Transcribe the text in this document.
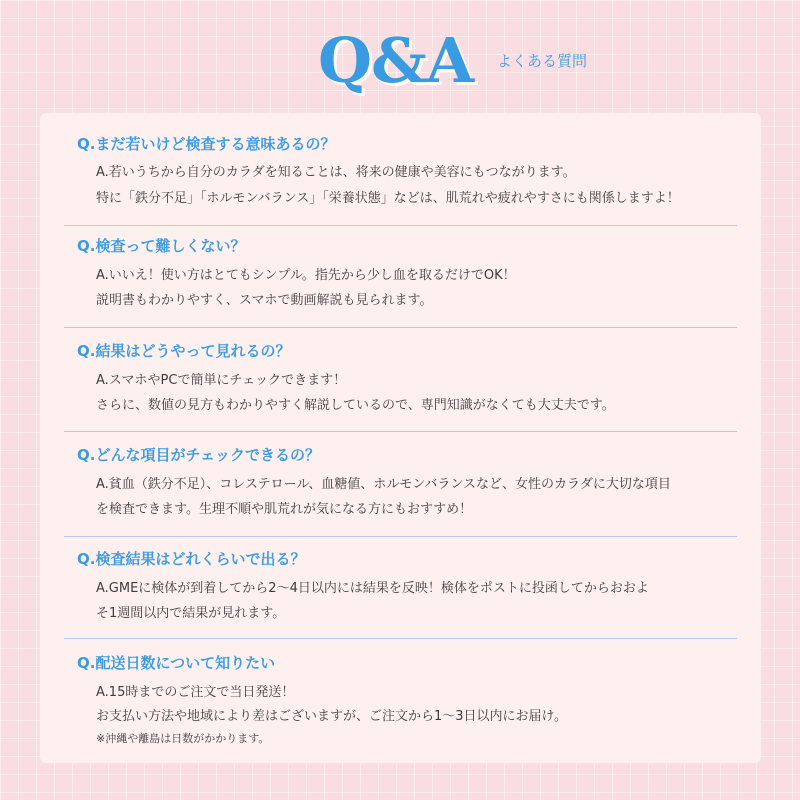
Q&A よくある質問
Q.まだ若いけど検査する意味あるの？
A.若いうちから自分のカラダを知ることは、将来の健康や美容にもつながります。
特に「鉄分不足」「ホルモンバランス」「栄養状態」などは、肌荒れや疲れやすさにも関係しますよ！
Q.検査って難しくない？
A.いいえ！使い方はとてもシンプル。指先から少し血を取るだけでOK！
説明書もわかりやすく、スマホで動画解説も見られます。
Q.結果はどうやって見れるの？
A.スマホやPCで簡単にチェックできます！
さらに、数値の見方もわかりやすく解説しているので、専門知識がなくても大丈夫です。
Q.どんな項目がチェックできるの？
A.貧血（鉄分不足）、コレステロール、血糖値、ホルモンバランスなど、女性のカラダに大切な項目
を検査できます。生理不順や肌荒れが気になる方にもおすすめ！
Q.検査結果はどれくらいで出る？
A.GMEに検体が到着してから2～4日以内には結果を反映！検体をポストに投函してからおおよ
そ1週間以内で結果が見れます。
Q.配送日数について知りたい
A.15時までのご注文で当日発送！
お支払い方法や地域により差はございますが、ご注文から1～3日以内にお届け。
※沖縄や離島は日数がかかります。
